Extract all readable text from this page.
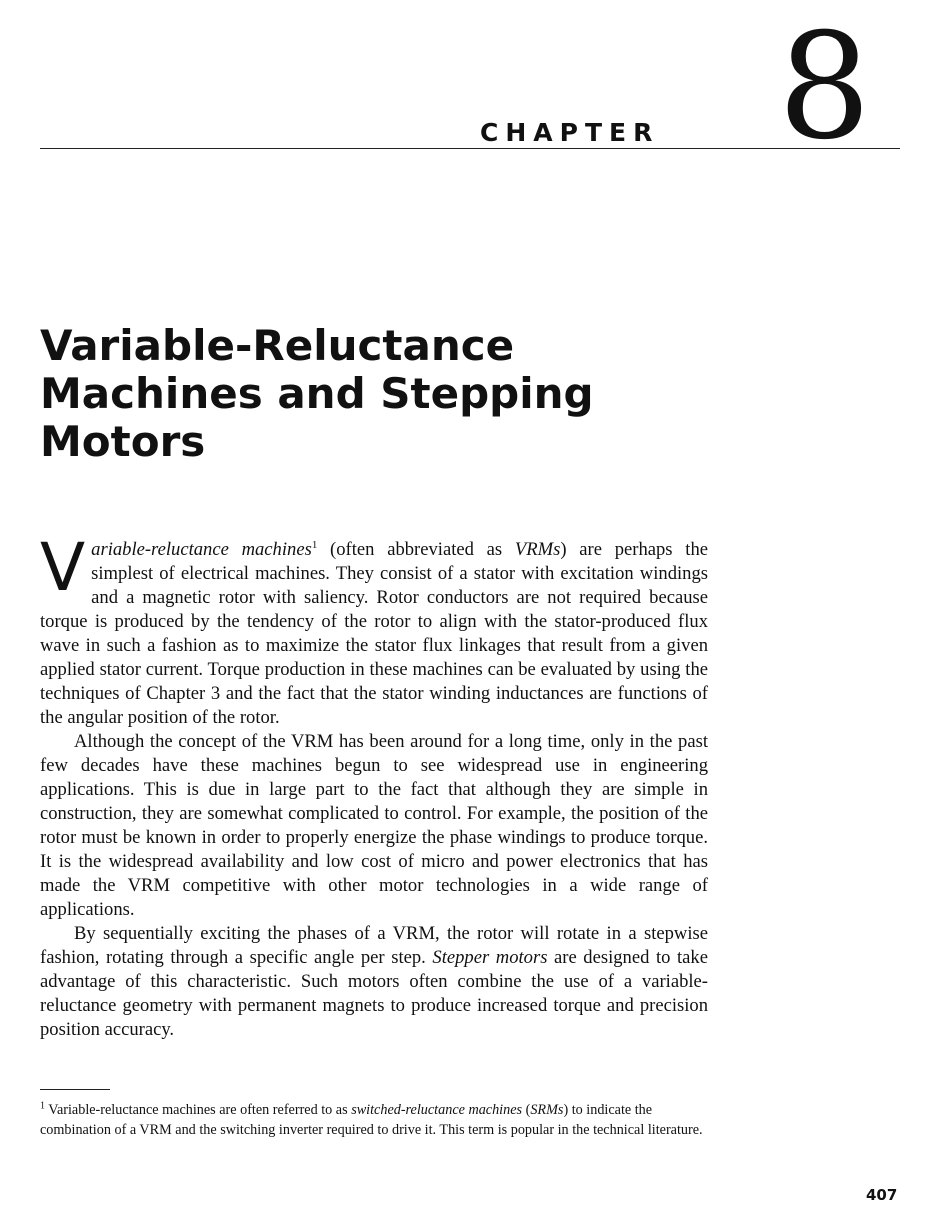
CHAPTER 8
Variable-Reluctance
Machines and Stepping
Motors

Variable-reluctance machines$^1$ (often abbreviated as VRMs) are perhaps the simplest of electrical machines. They consist of a stator with excitation windings and a magnetic rotor with saliency. Rotor conductors are not required because torque is produced by the tendency of the rotor to align with the stator-produced flux wave in such a fashion as to maximize the stator flux linkages that result from a given applied stator current. Torque production in these machines can be evaluated by using the techniques of Chapter 3 and the fact that the stator winding inductances are functions of the angular position of the rotor.

Although the concept of the VRM has been around for a long time, only in the past few decades have these machines begun to see widespread use in engineering applications. This is due in large part to the fact that although they are simple in construction, they are somewhat complicated to control. For example, the position of the rotor must be known in order to properly energize the phase windings to produce torque. It is the widespread availability and low cost of micro and power electronics that has made the VRM competitive with other motor technologies in a wide range of applications.

By sequentially exciting the phases of a VRM, the rotor will rotate in a stepwise fashion, rotating through a specific angle per step. Stepper motors are designed to take advantage of this characteristic. Such motors often combine the use of a variable-reluctance geometry with permanent magnets to produce increased torque and precision position accuracy.

$^1$ Variable-reluctance machines are often referred to as switched-reluctance machines (SRMs) to indicate the combination of a VRM and the switching inverter required to drive it. This term is popular in the technical literature.

407
